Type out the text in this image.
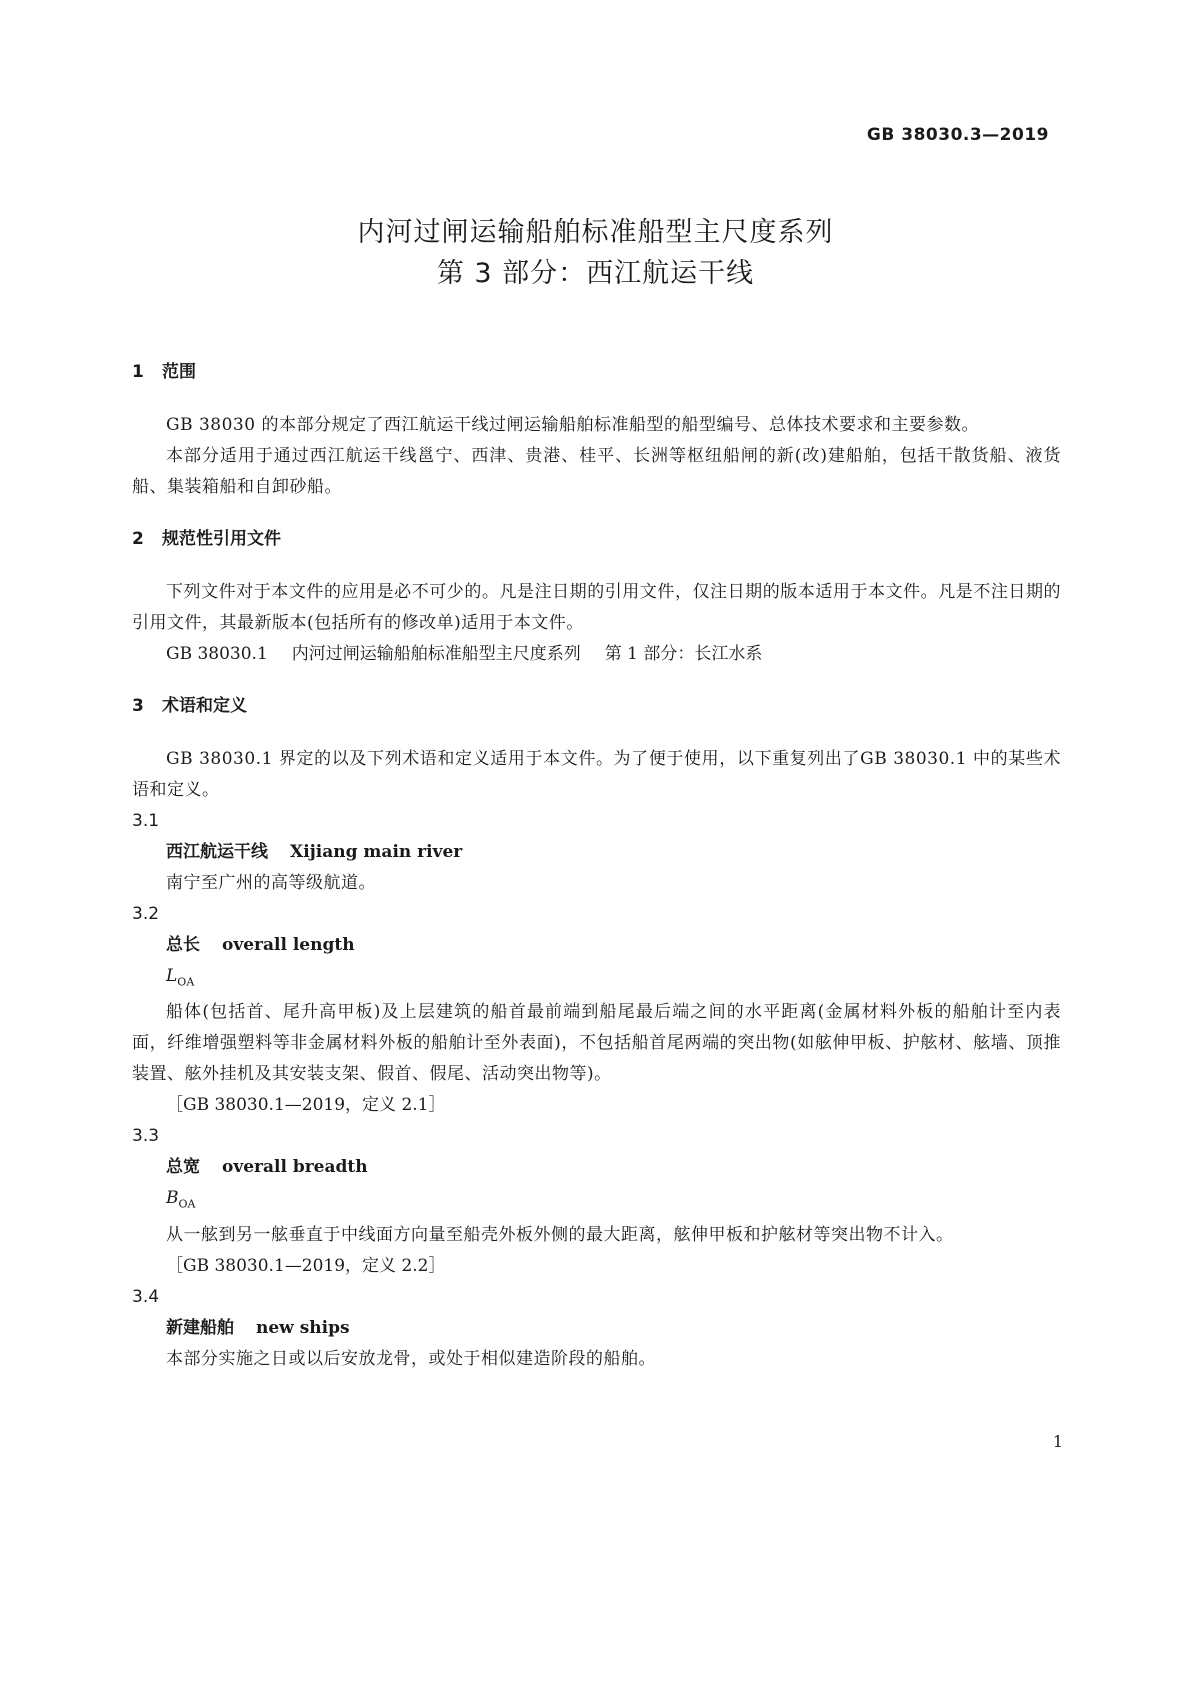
GB 38030.3—2019
内河过闸运输船舶标准船型主尺度系列
第 3 部分：西江航运干线
1 范围

GB 38030 的本部分规定了西江航运干线过闸运输船舶标准船型的船型编号、总体技术要求和主要参数。

本部分适用于通过西江航运干线邕宁、西津、贵港、桂平、长洲等枢纽船闸的新(改)建船舶，包括干散货船、液货船、集装箱船和自卸砂船。

2 规范性引用文件

下列文件对于本文件的应用是必不可少的。凡是注日期的引用文件，仅注日期的版本适用于本文件。凡是不注日期的引用文件，其最新版本(包括所有的修改单)适用于本文件。

GB 38030.1 内河过闸运输船舶标准船型主尺度系列 第 1 部分：长江水系
3 术语和定义

GB 38030.1 界定的以及下列术语和定义适用于本文件。为了便于使用，以下重复列出了GB 38030.1 中的某些术语和定义。

3.1
西江航运干线 Xijiang main river

南宁至广州的高等级航道。

3.2
总长 overall length
$L_{OA}$

船体(包括首、尾升高甲板)及上层建筑的船首最前端到船尾最后端之间的水平距离(金属材料外板的船舶计至内表面，纤维增强塑料等非金属材料外板的船舶计至外表面)，不包括船首尾两端的突出物(如舷伸甲板、护舷材、舷墙、顶推装置、舷外挂机及其安装支架、假首、假尾、活动突出物等)。

［GB 38030.1—2019，定义 2.1］
3.3
总宽 overall breadth
$B_{OA}$

从一舷到另一舷垂直于中线面方向量至船壳外板外侧的最大距离，舷伸甲板和护舷材等突出物不计入。

［GB 38030.1—2019，定义 2.2］
3.4
新建船舶 new ships

本部分实施之日或以后安放龙骨，或处于相似建造阶段的船舶。

1
